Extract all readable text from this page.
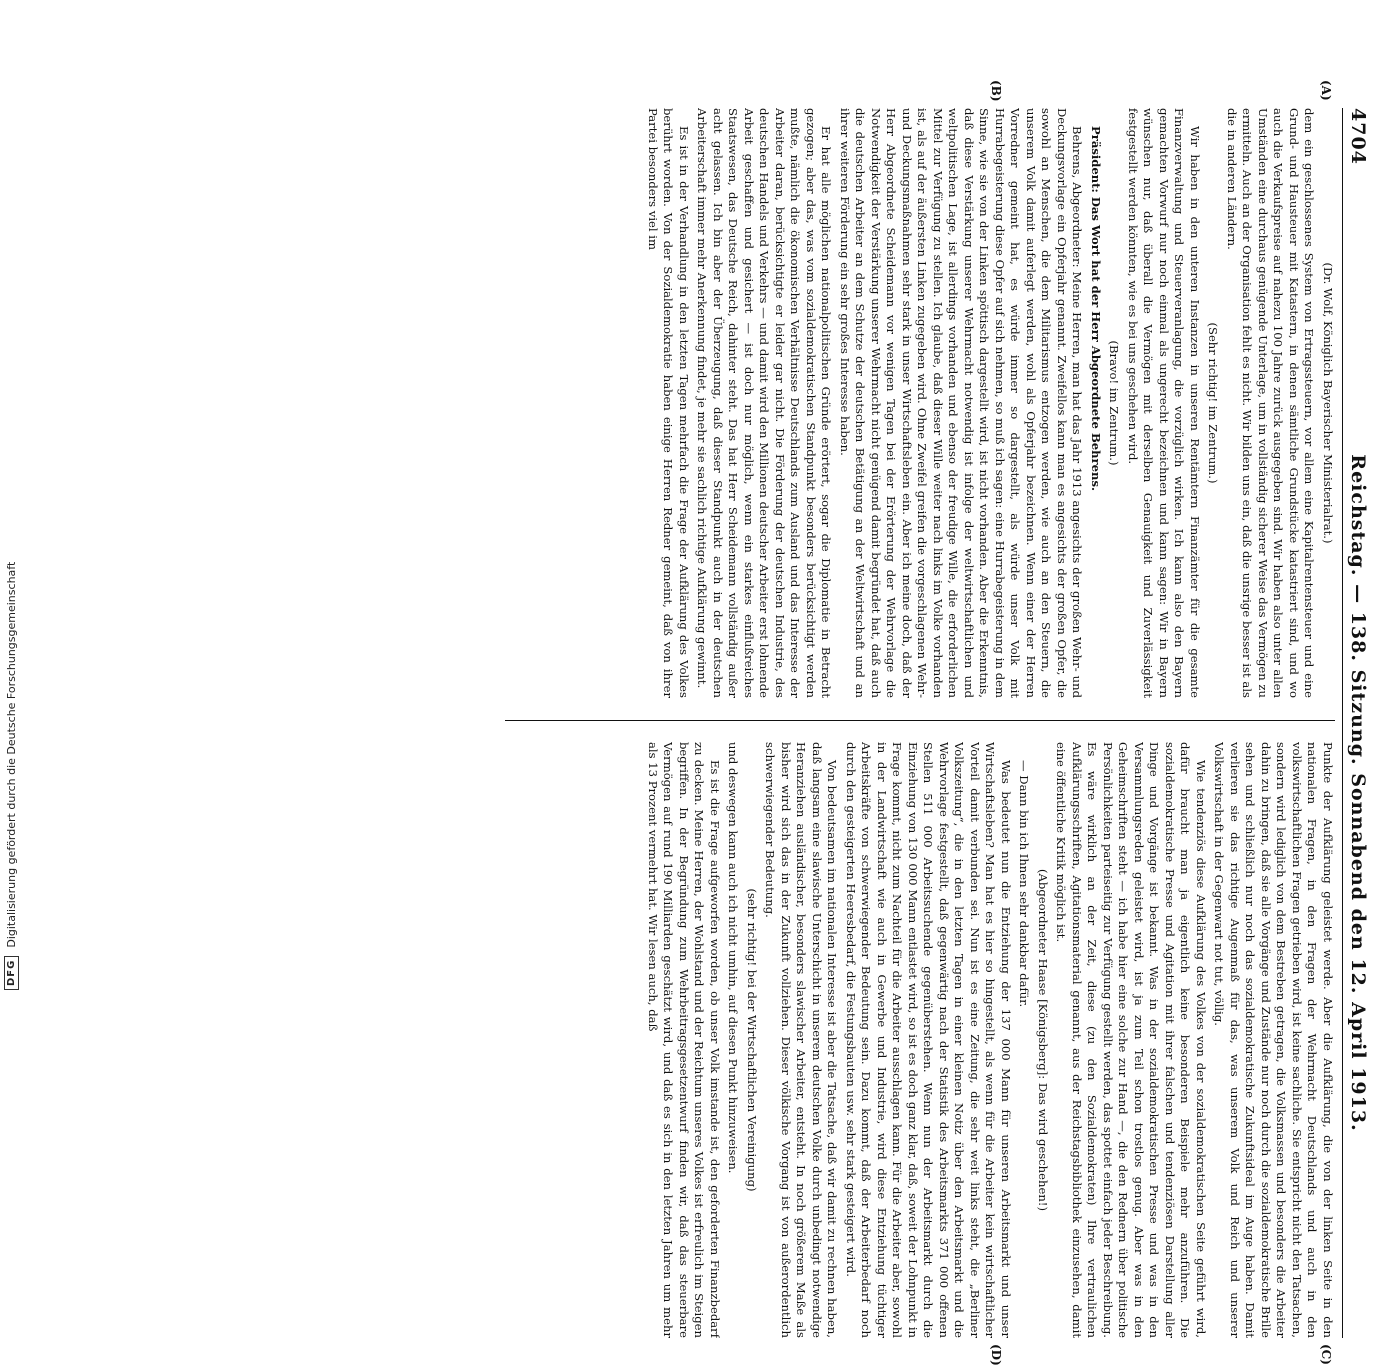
DFG
Digitalisierung gefördert durch die Deutsche Forschungsgemeinschaft
4704
Reichstag. — 138. Sitzung. Sonnabend den 12. April 1913.

(Dr. Wolf, Königlich Bayerischer Ministerialrat.)

dem ein geschlossenes System von Ertragssteuern, vor allem eine Kapitalrentensteuer und eine Grund- und Hausteuer mit Katastern, in denen sämtliche Grundstücke katastriert sind, und wo auch die Verkaufspreise auf nahezu 100 Jahre zurück ausgegeben sind. Wir haben also unter allen Umständen eine durchaus genügende Unterlage, um in vollständig sicherer Weise das Vermögen zu ermitteln. Auch an der Organisation fehlt es nicht. Wir bilden uns ein, daß die unsrige besser ist als die in anderen Ländern.

(Sehr richtig! im Zentrum.)

Wir haben in den unteren Instanzen in unseren Rentämtern Finanzämter für die gesamte Finanzverwaltung und Steuerveranlagung, die vorzüglich wirken. Ich kann also den Bayern gemachten Vorwurf nur noch einmal als ungerecht bezeichnen und kann sagen: Wir in Bayern wünschen nur, daß überall die Vermögen mit derselben Genauigkeit und Zuverlässigkeit festgestellt werden könnten, wie es bei uns geschehen wird.

(Bravo! im Zentrum.)

Präsident: Das Wort hat der Herr Abgeordnete Behrens.

Behrens, Abgeordneter: Meine Herren, man hat das Jahr 1913 angesichts der großen Wehr- und Deckungsvorlage ein Opferjahr genannt. Zweifellos kann man es angesichts der großen Opfer, die sowohl an Menschen, die dem Militarismus entzogen werden, wie auch an den Steuern, die unserem Volk damit auferlegt werden, wohl als Opferjahr bezeichnen. Wenn einer der Herren Vorredner gemeint hat, es würde immer so dargestellt, als würde unser Volk mit Hurrabegeisterung diese Opfer auf sich nehmen, so muß ich sagen: eine Hurrabegeisterung in dem Sinne, wie sie von der Linken spöttisch dargestellt wird, ist nicht vorhanden. Aber die Erkenntnis, daß diese Verstärkung unserer Wehrmacht notwendig ist infolge der weltwirtschaftlichen und weltpolitischen Lage, ist allerdings vorhanden und ebenso der freudige Wille, die erforderlichen Mittel zur Verfügung zu stellen. Ich glaube, daß dieser Wille weiter nach links im Volke vorhanden ist, als auf der äußersten Linken zugegeben wird. Ohne Zweifel greifen die vorgeschlagenen Wehr- und Deckungsmaßnahmen sehr stark in unser Wirtschaftsleben ein. Aber ich meine doch, daß der Herr Abgeordnete Scheidemann vor wenigen Tagen bei der Erörterung der Wehrvorlage die Notwendigkeit der Verstärkung unserer Wehrmacht nicht genügend damit begründet hat, daß auch die deutschen Arbeiter an dem Schutze der deutschen Betätigung an der Weltwirtschaft und an ihrer weiteren Förderung ein sehr großes Interesse haben.

Er hat alle möglichen nationalpolitischen Gründe erörtert, sogar die Diplomatie in Betracht gezogen; aber das, was vom sozialdemokratischen Standpunkt besonders berücksichtigt werden mußte, nämlich die ökonomischen Verhältnisse Deutschlands zum Ausland und das Interesse der Arbeiter daran, berücksichtigte er leider gar nicht. Die Förderung der deutschen Industrie, des deutschen Handels und Verkehrs — und damit wird den Millionen deutscher Arbeiter erst lohnende Arbeit geschaffen und gesichert — ist doch nur möglich, wenn ein starkes einflußreiches Staatswesen, das Deutsche Reich, dahinter steht. Das hat Herr Scheidemann vollständig außer acht gelassen. Ich bin aber der Überzeugung, daß dieser Standpunkt auch in der deutschen Arbeiterschaft immer mehr Anerkennung findet, je mehr sie sachlich richtige Aufklärung gewinnt.

Es ist in der Verhandlung in den letzten Tagen mehrfach die Frage der Aufklärung des Volkes berührt worden. Von der Sozialdemokratie haben einige Herren Redner gemeint, daß von ihrer Partei besonders viel im

Punkte der Aufklärung geleistet werde. Aber die Aufklärung, die von der linken Seite in den nationalen Fragen, in den Fragen der Wehrmacht Deutschlands und auch in den volkswirtschaftlichen Fragen getrieben wird, ist keine sachliche. Sie entspricht nicht den Tatsachen, sondern wird lediglich von dem Bestreben getragen, die Volksmassen und besonders die Arbeiter dahin zu bringen, daß sie alle Vorgänge und Zustände nur noch durch die sozialdemokratische Brille sehen und schließlich nur noch das sozialdemokratische Zukunftsideal im Auge haben. Damit verlieren sie das richtige Augenmaß für das, was unserem Volk und Reich und unserer Volkswirtschaft in der Gegenwart not tut, völlig.

Wie tendenziös diese Aufklärung des Volkes von der sozialdemokratischen Seite geführt wird, dafür braucht man ja eigentlich keine besonderen Beispiele mehr anzuführen. Die sozialdemokratische Presse und Agitation mit ihrer falschen und tendenziösen Darstellung aller Dinge und Vorgänge ist bekannt. Was in der sozialdemokratischen Presse und was in den Versammlungsreden geleistet wird, ist ja zum Teil schon trostlos genug. Aber was in den Geheimschriften steht — ich habe hier eine solche zur Hand —, die den Rednern über politische Persönlichkeiten parteiseitig zur Verfügung gestellt werden, das spottet einfach jeder Beschreibung. Es wäre wirklich an der Zeit, diese (zu den Sozialdemokraten) Ihre vertraulichen Aufklärungsschriften, Agitationsmaterial genannt, aus der Reichstagsbibliothek einzusehen, damit eine öffentliche Kritik möglich ist.

(Abgeordneter Haase [Königsberg]: Das wird geschehen!)

— Dann bin ich Ihnen sehr dankbar dafür.

Was bedeutet nun die Entziehung der 137 000 Mann für unseren Arbeitsmarkt und unser Wirtschaftsleben? Man hat es hier so hingestellt, als wenn für die Arbeiter kein wirtschaftlicher Vorteil damit verbunden sei. Nun ist es eine Zeitung, die sehr weit links steht, die „Berliner Volkszeitung“, die in den letzten Tagen in einer kleinen Notiz über den Arbeitsmarkt und die Wehrvorlage festgestellt, daß gegenwärtig nach der Statistik des Arbeitsmarkts 371 000 offenen Stellen 511 000 Arbeitssuchende gegenüberstehen. Wenn nun der Arbeitsmarkt durch die Einziehung von 130 000 Mann entlastet wird, so ist es doch ganz klar, daß, soweit der Lohnpunkt in Frage kommt, nicht zum Nachteil für die Arbeiter ausschlagen kann. Für die Arbeiter aber, sowohl in der Landwirtschaft wie auch in Gewerbe und Industrie, wird diese Entziehung tüchtiger Arbeitskräfte von schwerwiegender Bedeutung sein. Dazu kommt, daß der Arbeiterbedarf noch durch den gesteigerten Heeresbedarf, die Festungsbauten usw. sehr stark gesteigert wird.

Von bedeutsamen im nationalen Interesse ist aber die Tatsache, daß wir damit zu rechnen haben, daß langsam eine slawische Unterschicht in unserem deutschen Volke durch unbedingt notwendige Heranziehen ausländischer, besonders slawischer Arbeiter, entsteht. In noch größerem Maße als bisher wird sich das in der Zukunft vollziehen. Dieser völkische Vorgang ist von außerordentlich schwerwiegender Bedeutung.

(sehr richtig! bei der Wirtschaftlichen Vereinigung)

und deswegen kann auch ich nicht umhin, auf diesen Punkt hinzuweisen.

Es ist die Frage aufgeworfen worden, ob unser Volk imstande ist, den geforderten Finanzbedarf zu decken. Meine Herren, der Wohlstand und der Reichtum unseres Volkes ist erfreulich im Steigen begriffen. In der Begründung zum Wehrbeitragsgesetzentwurf finden wir, daß das steuerbare Vermögen auf rund 190 Milliarden geschätzt wird, und daß es sich in den letzten Jahren um mehr als 13 Prozent vermehrt hat. Wir lesen auch, daß

(A)
(B)
(C)
(D)
